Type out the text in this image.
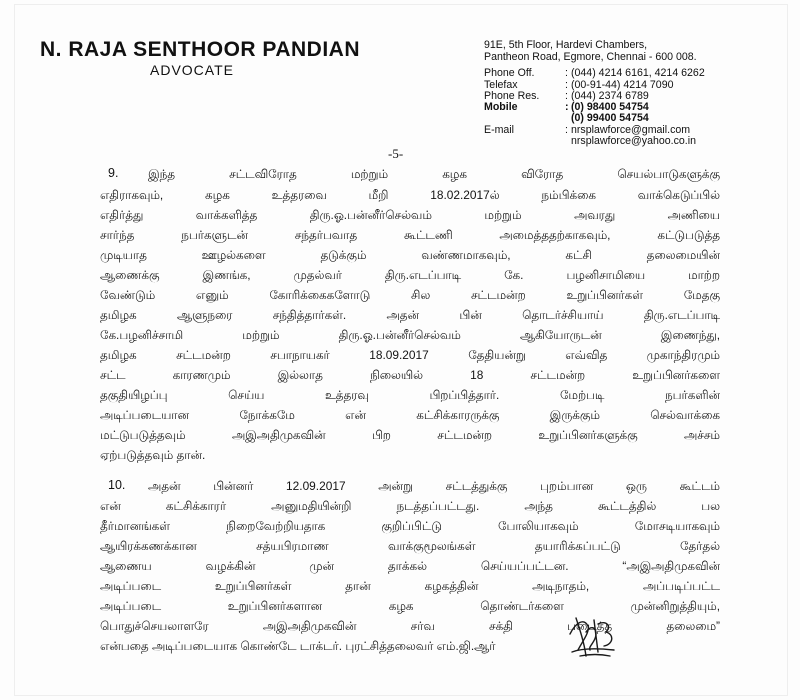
N. RAJA SENTHOOR PANDIAN
ADVOCATE
91E, 5th Floor, Hardevi Chambers,
Pantheon Road, Egmore, Chennai - 600 008.
Phone Off.	: (044) 4214 6161, 4214 6262
Telefax	: (00-91-44) 4214 7090
Phone Res. : (044) 2374 6789
Mobile	: (0) 98400 54754
(0) 99400 54754
E-mail	: nrsplawforce@gmail.com
nrsplawforce@yahoo.co.in
-5-
9. இந்த சட்டவிரோத மற்றும் கழக விரோத செயல்பாடுகளுக்கு
எதிராகவும், கழக உத்தரவை மீறி 18.02.2017ல் நம்பிக்கை வாக்கெடுப்பில்
எதிர்த்து வாக்களித்த திரு.ஓ.பன்னீர்செல்வம் மற்றும் அவரது அணியை
சார்ந்த நபர்களுடன் சந்தர்பவாத கூட்டணி அமைத்ததற்காகவும், கட்டுபடுத்த
முடியாத ஊழல்களை தடுக்கும் வண்ணமாகவும், கட்சி தலைமையின்
ஆணைக்கு இணங்க, முதல்வர் திரு.எடப்பாடி கே. பழனிசாமியை மாற்ற
வேண்டும் எனும் கோரிக்கைகளோடு சில சட்டமன்ற உறுப்பினர்கள் மேதகு
தமிழக ஆளுநரை சந்தித்தார்கள். அதன் பின் தொடர்ச்சியாய் திரு.எடப்பாடி
கே.பழனிச்சாமி மற்றும் திரு.ஓ.பன்னீர்செல்வம் ஆகியோருடன் இணைந்து,
தமிழக சட்டமன்ற சபாநாயகர் 18.09.2017 தேதியன்று எவ்வித முகாந்திரமும்
சட்ட காரணமும் இல்லாத நிலையில் 18 சட்டமன்ற உறுப்பினர்களை
தகுதியிழப்பு செய்ய உத்தரவு பிறப்பித்தார். மேற்படி நபர்களின்
அடிப்படையான நோக்கமே என் கட்சிக்காரருக்கு இருக்கும் செல்வாக்கை
மட்டுபடுத்தவும் அஇஅதிமுகவின் பிற சட்டமன்ற உறுப்பினர்களுக்கு அச்சம்
ஏற்படுத்தவும் தான்.
10. அதன் பின்னர் 12.09.2017 அன்று சட்டத்துக்கு புறம்பான ஒரு கூட்டம்
என் கட்சிக்காரர் அனுமதியின்றி நடத்தப்பட்டது. அந்த கூட்டத்தில் பல
தீர்மானங்கள் நிறைவேற்றியதாக குறிப்பிட்டு போலியாகவும் மோசடியாகவும்
ஆயிரக்கணக்கான சத்யபிரமாண வாக்குமூலங்கள் தயாரிக்கப்பட்டு தேர்தல்
ஆணைய வழக்கின் முன் தாக்கல் செய்யப்பட்டன. “அஇஅதிமுகவின்
அடிப்படை உறுப்பினர்கள் தான் கழகத்தின் அடிநாதம், அப்படிப்பட்ட
அடிப்படை உறுப்பினர்களான கழக தொண்டர்களை முன்னிறுத்தியும்,
பொதுச்செயலாளரே அஇஅதிமுகவின் சர்வ சக்தி படைத்த தலைமை”
என்பதை அடிப்படையாக கொண்டே டாக்டர். புரட்சித்தலைவர் எம்.ஜி.ஆர்
